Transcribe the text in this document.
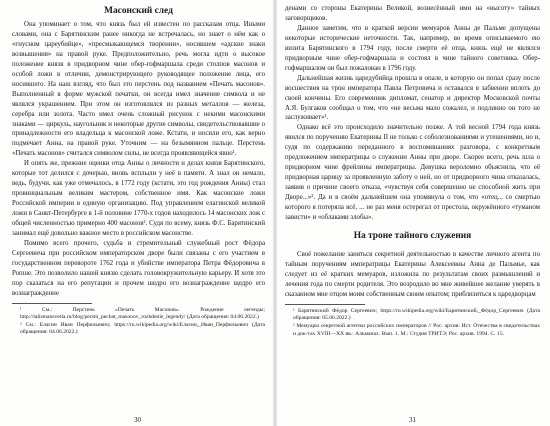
Масонский след

Она упоминает о том, что князь был ей известен по рассказам отца. Иными словами, она с Барятинским ранее никогда не встречалась, но знает о нём как о «гнусном цареубийце», «пресмыкающемся творении», носившем «адские знаки возвышения» на правой руке. Предположительно, речь могла идти о высокое положение князя в придворном чине обер-гофмаршала среди столпов масонов и особой ложи в отличии, демонстрирующего руководящее положение лица, его носившего. На наш взгляд, что был это перстень под названием «Печать масонов». Выполненный в форме мужской печатки, он всегда имел значение символа и не являлся украшением. При этом он изготовлялся из разных металлов — железа, серебра или золота. Часто имел очень сложный рисунок с некими масонскими знаками — циркуль, наугольник и некоторые другие символы, свидетельствовавшие о принадлежности его владельца к масонской ложе. Кстати, и носили его, как верно подмечает Анна, на правой руке. Уточним — на безымянном пальце. Перстень «Печать масонов» считался символом силы, не всегда проявляющейся явно¹.

И опять же, прежние оценки отца Анны о личности и делах князя Барятинского, которые тот делился с дочерью, вновь всплыли у неё в памяти. А знал он немало, ведь, будучи, как уже отмечалось, в 1772 году (кстати, это год рождения Анны) стал провинциальным великим мастером, собственное имя. Как масонские ложи Российской империи в единую организацию. Под управлением елагинской великой ложи в Санкт-Петербурге в 1-й половине 1770-х годов находилось 14 масонских лож с общей численностью примерно 400 масонов². Судя по всему, князь Ф.С. Барятинский занимал ещё довольно важное место в российском масонстве.

Помимо всего прочего, судьба и стремительный служебный рост Фёдора Сергеевича при российском императорском дворе были связаны с его участием в государственном перевороте 1762 года и убийстве императора Петра Фёдоровича в Ропше. Это позволило нашей князю сделать головокружительную карьеру. И хотя это пор сказаться на его репутации и прочем шедро его вознаграждение щедро его вознаграждение

¹ См.: Перстень «Печать Масонов». Рождение легенды; http://talismansvetla.ru/blog/perstn_pechat_masonov_rozhdenie_legendy/ (Дата обращения: 04.06.2022.)

² См.: Елагин Иван Перфильевич; https://ru.wikipedia.org/wiki/Елагин,_Иван_Перфильевич (Дата обращения: 04.06.2022.)

30

денами со стороны Екатерины Великой, вознесённый ими на «высоту» тайных заговорщиков.

Данное заметим, что в краткой версии мемуаров Анны де Пальме допущены некоторые исторические неточности. Так, например, во время описываемого ею визита Барятинского в 1794 году, после смерти её отца, князь ещё не являлся придворным чине обер-гофмаршала и состоял в чине тайного советника. Обер-гофмаршалом он был пожалован в 1796 году.

Дальнейшая жизнь царедубийца прошла в опале, в которую он попал сразу после восшествия на трон императора Павла Петровича и оставался в забвении вплоть до своей кончины. Его современник дипломат, сенатор и директор Московской почты А.Я. Булгаков сообщал о том, что «не весьма мало сожалел, и подлинно он того не заслуживает»¹.

Однако всё это происходило значительно позже. А той весной 1794 года князь явился по поручению Екатерины II не только с соболезнованиями и утешениями, но и, судя по содержанию переданного в воспоминаниях разговора, с конкретным предложением императрицы о служении Анны при дворе. Скорее всего, речь шла о придворном чине фрейлины императрицы. Девушка вероломно объяснила, что её придворная царицу за проявленную заботу о ней, но от придворного чина отказалась, заявив о причине своего отказа, «чувствуя себя совершенно не способной жить при Дворе...»². Да и в своём дальнейшем она упомянула о том, что «отец... со смертью которого я потеряла всё, ... не раз меня остерегал от престола, окружённого «туманом зависти» и «облаками злобы».

На троне тайного служения

Своё пожелание заняться секретной деятельностью в качестве личного агента по тайным поручениям императрицы Екатерины Алексеевны Анна де Пальмье, как следует из её кратких мемуаров, изложила по результатам своих размышлений и лечения года по смерти родителя. Это возродило во мне живейшее желание уверять в сказанном мне отцом моим собственным своим опытом; приблизиться к царедворцам

¹ Барятинский Фёдор Сергеевич; https://ru.wikipedia.org/wiki/Барятинский,_Фёдор_Сергеевич (Дата обращения: 05.06.2022.)

² Мемуары секретной агентки российских императоров // Рос. архив: Ист. Отечества в свидетельствах и док-тах XVIII—XX вв.: Альманах. Вып. 1. М.: Студия ТРИТЭ; Рос. архив. 1994. С. 15.

31
